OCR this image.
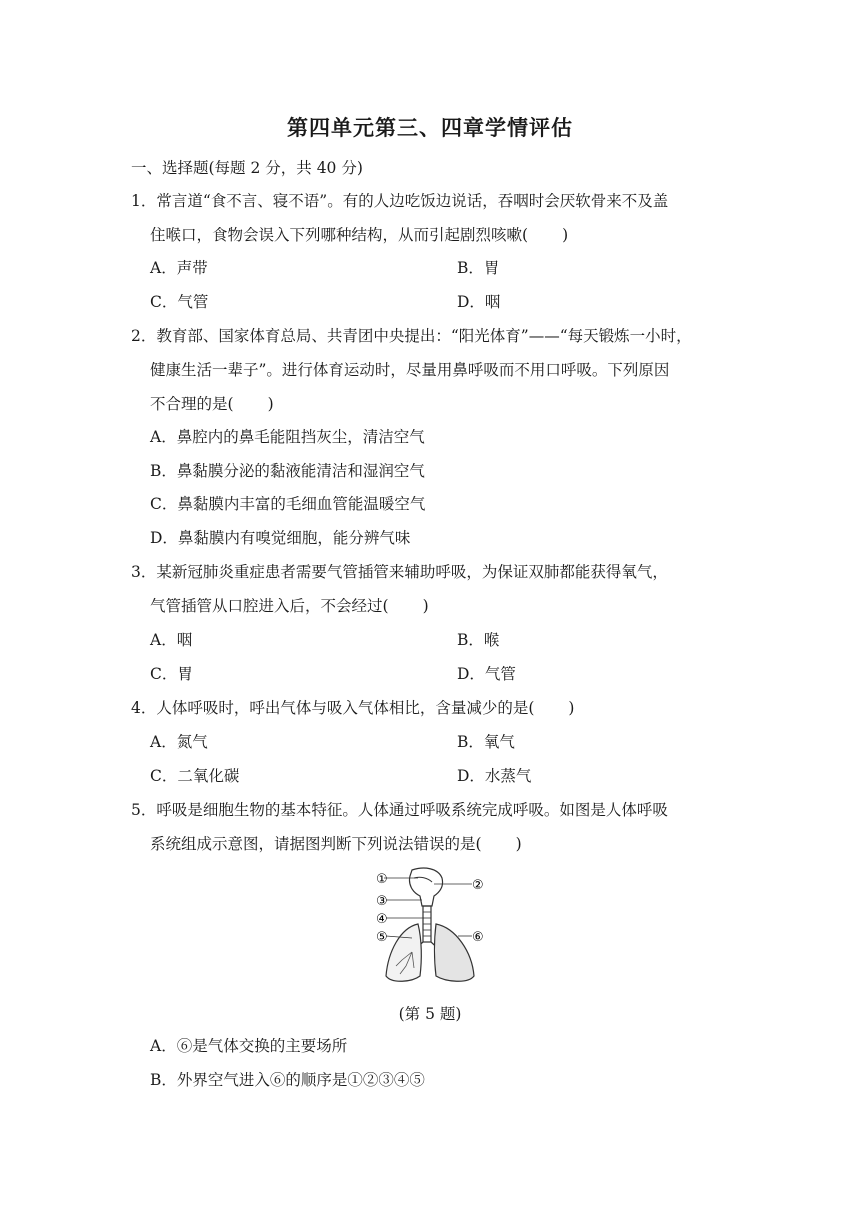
第四单元第三、四章学情评估
一、选择题(每题 2 分，共 40 分)
1．常言道“食不言、寝不语”。有的人边吃饭边说话，吞咽时会厌软骨来不及盖
住喉口，食物会误入下列哪种结构，从而引起剧烈咳嗽( )
A．声带	B．胃
C．气管	D．咽
2．教育部、国家体育总局、共青团中央提出：“阳光体育”——“每天锻炼一小时，
健康生活一辈子”。进行体育运动时，尽量用鼻呼吸而不用口呼吸。下列原因
不合理的是( )
A．鼻腔内的鼻毛能阻挡灰尘，清洁空气
B．鼻黏膜分泌的黏液能清洁和湿润空气
C．鼻黏膜内丰富的毛细血管能温暖空气
D．鼻黏膜内有嗅觉细胞，能分辨气味
3．某新冠肺炎重症患者需要气管插管来辅助呼吸，为保证双肺都能获得氧气，
气管插管从口腔进入后，不会经过( )
A．咽	B．喉
C．胃	D．气管
4．人体呼吸时，呼出气体与吸入气体相比，含量减少的是( )
A．氮气	B．氧气
C．二氧化碳	D．水蒸气
5．呼吸是细胞生物的基本特征。人体通过呼吸系统完成呼吸。如图是人体呼吸
系统组成示意图，请据图判断下列说法错误的是( )
①	②
③
④
⑤	⑥
(第 5 题)
A．⑥是气体交换的主要场所
B．外界空气进入⑥的顺序是①②③④⑤
